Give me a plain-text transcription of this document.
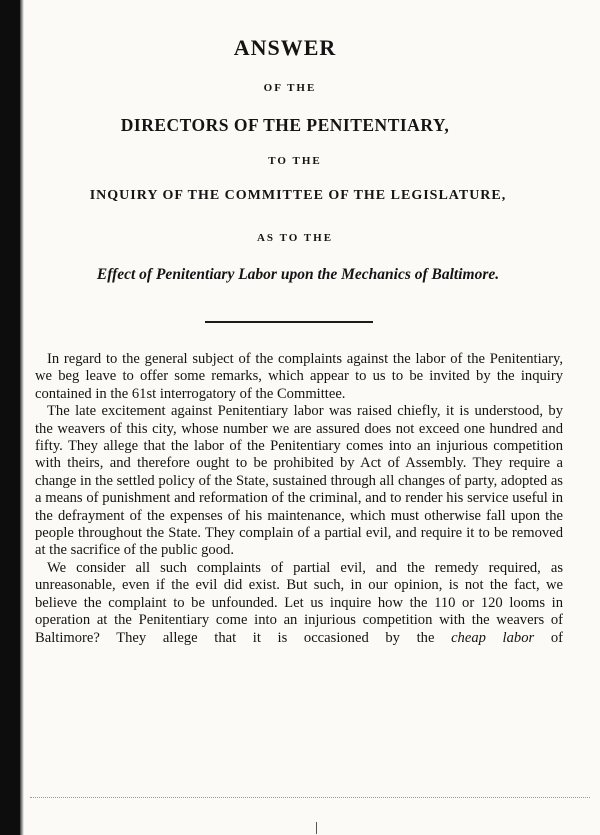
ANSWER
OF THE
DIRECTORS OF THE PENITENTIARY,
TO THE
INQUIRY OF THE COMMITTEE OF THE LEGISLATURE,
AS TO THE
Effect of Penitentiary Labor upon the Mechanics of Baltimore.

In regard to the general subject of the complaints against the labor of the Penitentiary, we beg leave to offer some remarks, which appear to us to be invited by the inquiry contained in the 61st interrogatory of the Committee.

The late excitement against Penitentiary labor was raised chiefly, it is understood, by the weavers of this city, whose number we are assured does not exceed one hundred and fifty. They allege that the labor of the Penitentiary comes into an injurious competition with theirs, and therefore ought to be prohibited by Act of Assembly. They require a change in the settled policy of the State, sustained through all changes of party, adopted as a means of punishment and reformation of the criminal, and to render his service useful in the defrayment of the expenses of his maintenance, which must otherwise fall upon the people throughout the State. They complain of a partial evil, and require it to be removed at the sacrifice of the public good.

We consider all such complaints of partial evil, and the remedy required, as unreasonable, even if the evil did exist. But such, in our opinion, is not the fact, we believe the complaint to be unfounded. Let us inquire how the 110 or 120 looms in operation at the Penitentiary come into an injurious competition with the weavers of Baltimore? They allege that it is occasioned by the cheap labor of
